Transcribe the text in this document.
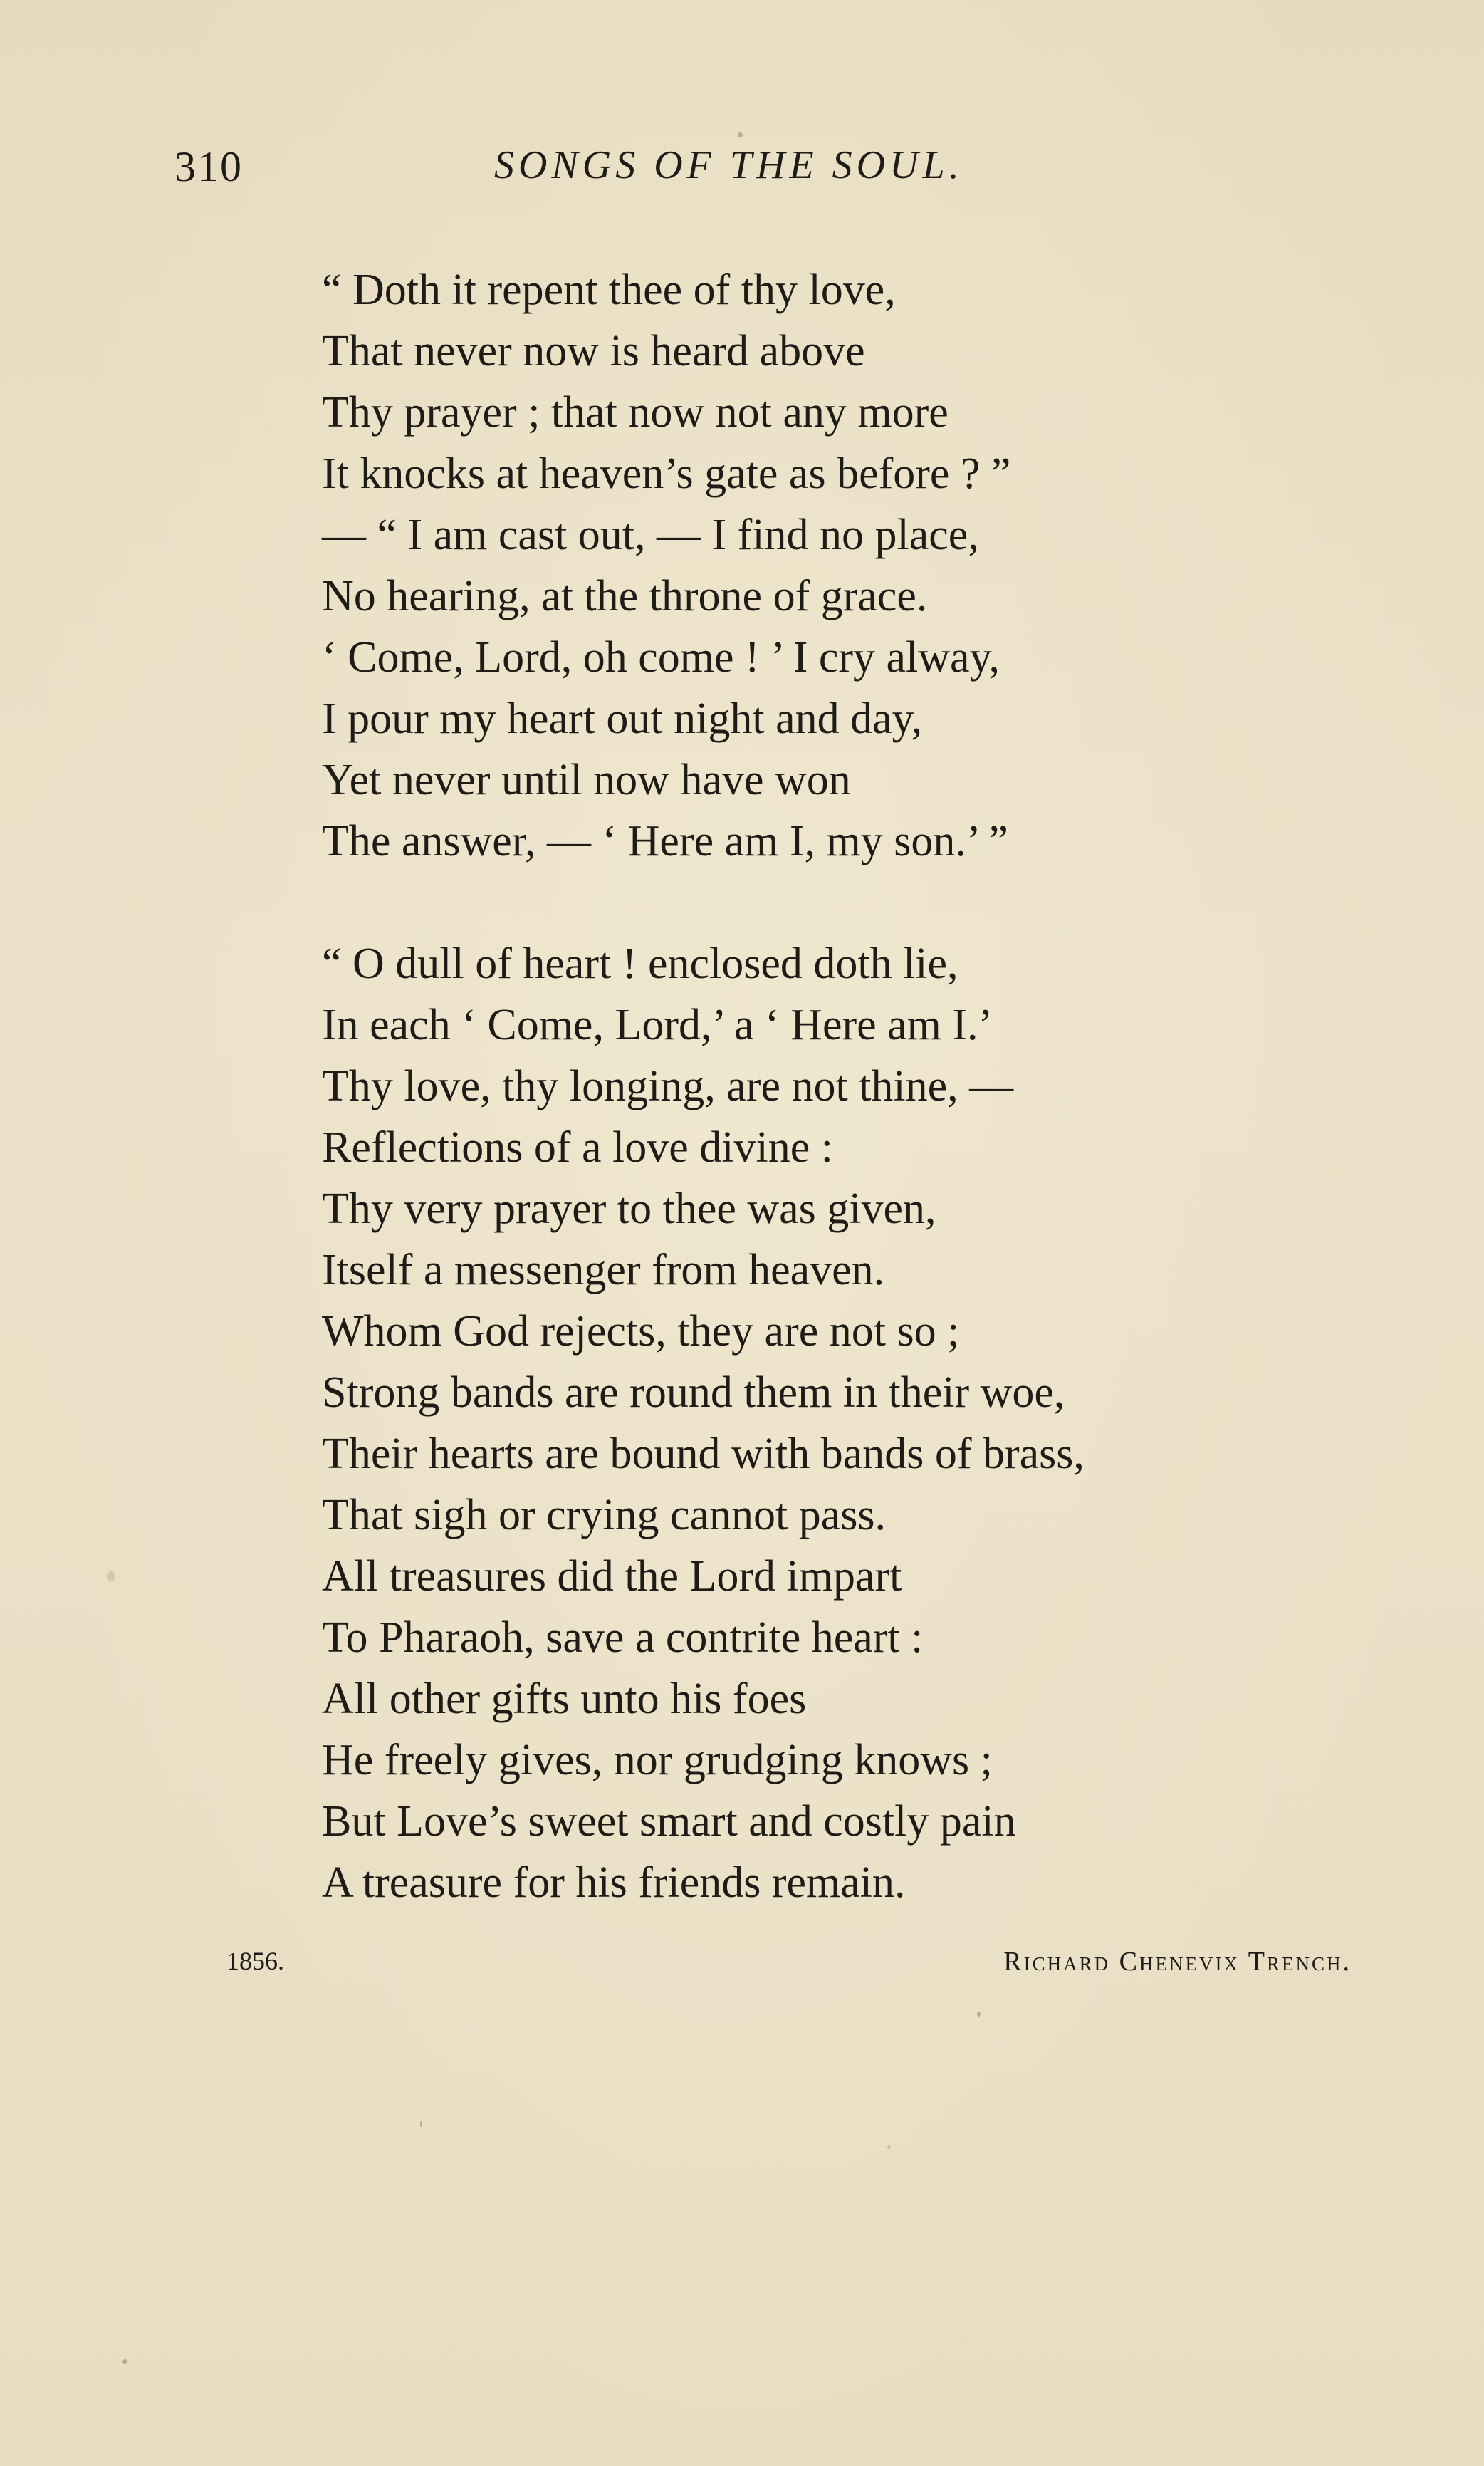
310	SONGS OF THE SOUL.
“ Doth it repent thee of thy love,
That never now is heard above
Thy prayer ; that now not any more
It knocks at heaven’s gate as before ? ”
— “ I am cast out, — I find no place,
No hearing, at the throne of grace.
‘ Come, Lord, oh come ! ’ I cry alway,
I pour my heart out night and day,
Yet never until now have won
The answer, — ‘ Here am I, my son.’ ”
“ O dull of heart ! enclosed doth lie,
In each ‘ Come, Lord,’ a ‘ Here am I.’
Thy love, thy longing, are not thine, —
Reflections of a love divine :
Thy very prayer to thee was given,
Itself a messenger from heaven.
Whom God rejects, they are not so ;
Strong bands are round them in their woe,
Their hearts are bound with bands of brass,
That sigh or crying cannot pass.
All treasures did the Lord impart
To Pharaoh, save a contrite heart :
All other gifts unto his foes
He freely gives, nor grudging knows ;
But Love’s sweet smart and costly pain
A treasure for his friends remain.
1856.	Richard Chenevix Trench.
